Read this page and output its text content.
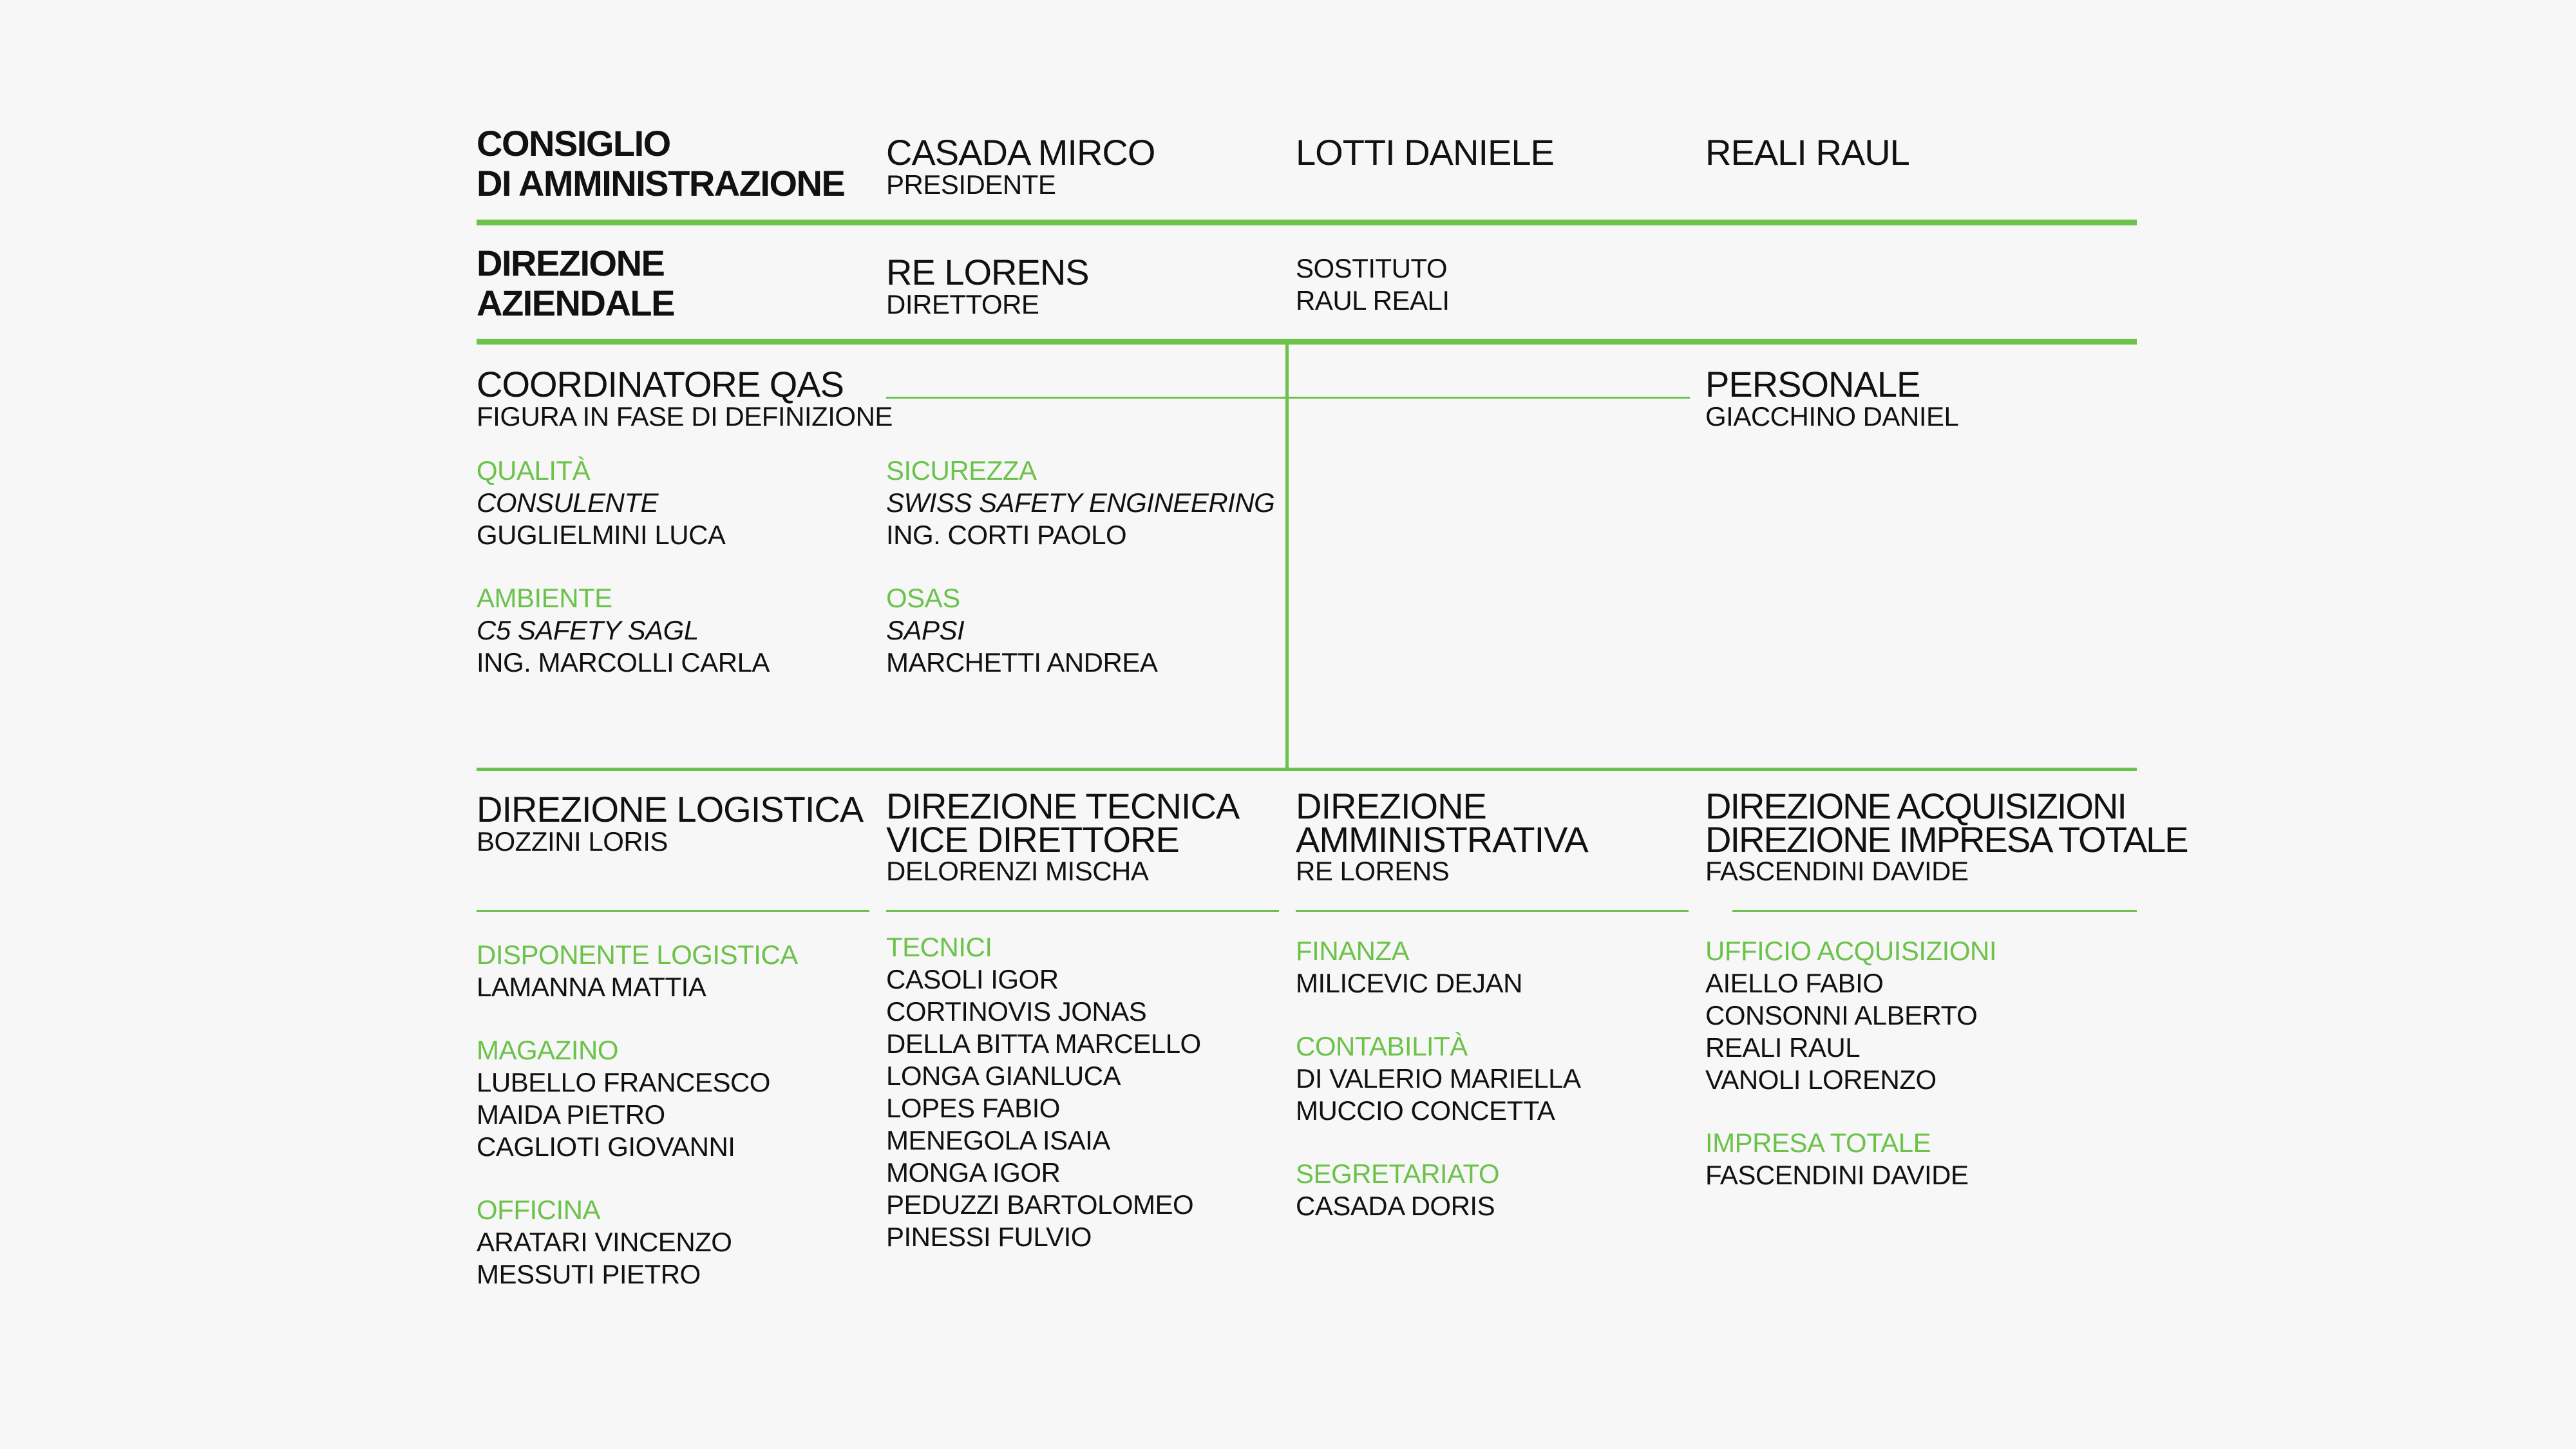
CONSIGLIO
DI AMMINISTRAZIONE
CASADA MIRCO
PRESIDENTE
LOTTI DANIELE	REALI RAUL
DIREZIONE
AZIENDALE
RE LORENS
DIRETTORE
SOSTITUTO
RAUL REALI
COORDINATORE QAS
FIGURA IN FASE DI DEFINIZIONE
QUALITÀ
CONSULENTE
GUGLIELMINI LUCA
AMBIENTE
C5 SAFETY SAGL
ING. MARCOLLI CARLA
SICUREZZA
SWISS SAFETY ENGINEERING
ING. CORTI PAOLO
OSAS
SAPSI
MARCHETTI ANDREA
PERSONALE
GIACCHINO DANIEL
DIREZIONE LOGISTICA
BOZZINI LORIS
DISPONENTE LOGISTICA
LAMANNA MATTIA
MAGAZINO
LUBELLO FRANCESCO
MAIDA PIETRO
CAGLIOTI GIOVANNI
OFFICINA
ARATARI VINCENZO
MESSUTI PIETRO
DIREZIONE TECNICA
VICE DIRETTORE
DELORENZI MISCHA
TECNICI
CASOLI IGOR
CORTINOVIS JONAS
DELLA BITTA MARCELLO
LONGA GIANLUCA
LOPES FABIO
MENEGOLA ISAIA
MONGA IGOR
PEDUZZI BARTOLOMEO
PINESSI FULVIO
DIREZIONE
AMMINISTRATIVA
RE LORENS
FINANZA
MILICEVIC DEJAN
CONTABILITÀ
DI VALERIO MARIELLA
MUCCIO CONCETTA
SEGRETARIATO
CASADA DORIS
DIREZIONE ACQUISIZIONI
DIREZIONE IMPRESA TOTALE
FASCENDINI DAVIDE
UFFICIO ACQUISIZIONI
AIELLO FABIO
CONSONNI ALBERTO
REALI RAUL
VANOLI LORENZO
IMPRESA TOTALE
FASCENDINI DAVIDE
